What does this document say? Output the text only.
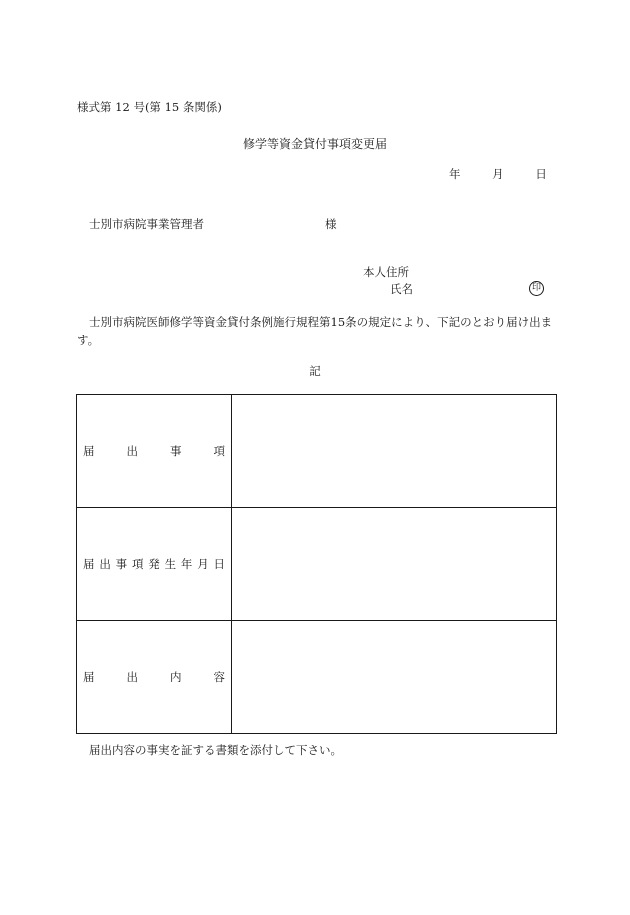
様式第 12 号(第 15 条関係)
修学等資金貸付事項変更届
年	月	日
士別市病院事業管理者	様
本人住所
氏名	印
士別市病院医師修学等資金貸付条例施行規程第15条の規定により、下記のとおり届け出ます。
記
届	出	事	項
届 出 事 項 発 生 年 月 日
届	出	内	容
届出内容の事実を証する書類を添付して下さい。
